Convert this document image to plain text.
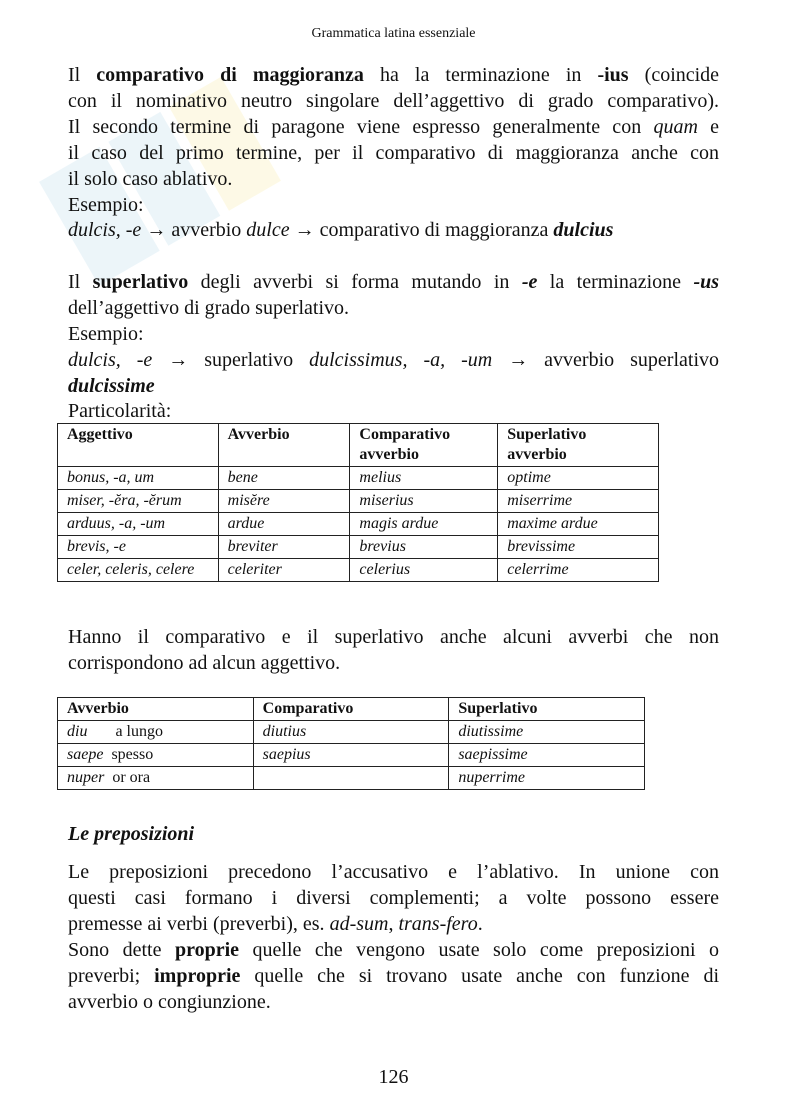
Grammatica latina essenziale

Il comparativo di maggioranza ha la terminazione in -ius (coincide

con il nominativo neutro singolare dell’aggettivo di grado comparativo).

Il secondo termine di paragone viene espresso generalmente con quam e

il caso del primo termine, per il comparativo di maggioranza anche con

il solo caso ablativo.

Esempio:

dulcis, -e → avverbio dulce → comparativo di maggioranza dulcius

Il superlativo degli avverbi si forma mutando in -e la terminazione -us

dell’aggettivo di grado superlativo.

Esempio:

dulcis, -e → superlativo dulcissimus, -a, -um → avverbio superlativo

dulcissime

Particolarità:

Aggettivo	Avverbio	Comparativo avverbio	Superlativo avverbio
bonus, -a, um	bene	melius	optime
miser, -ĕra, -ĕrum	misĕre	miserius	miserrime
arduus, -a, -um	ardue	magis ardue	maxime ardue
brevis, -e	breviter	brevius	brevissime
celer, celeris, celere	celeriter	celerius	celerrime

Hanno il comparativo e il superlativo anche alcuni avverbi che non

corrispondono ad alcun aggettivo.

Avverbio	Comparativo	Superlativo
diu a lungo	diutius	diutissime
saepe spesso	saepius	saepissime
nuper or ora		nuperrime

Le preposizioni

Le preposizioni precedono l’accusativo e l’ablativo. In unione con

questi casi formano i diversi complementi; a volte possono essere

premesse ai verbi (preverbi), es. ad-sum, trans-fero.

Sono dette proprie quelle che vengono usate solo come preposizioni o

preverbi; improprie quelle che si trovano usate anche con funzione di

avverbio o congiunzione.

126
